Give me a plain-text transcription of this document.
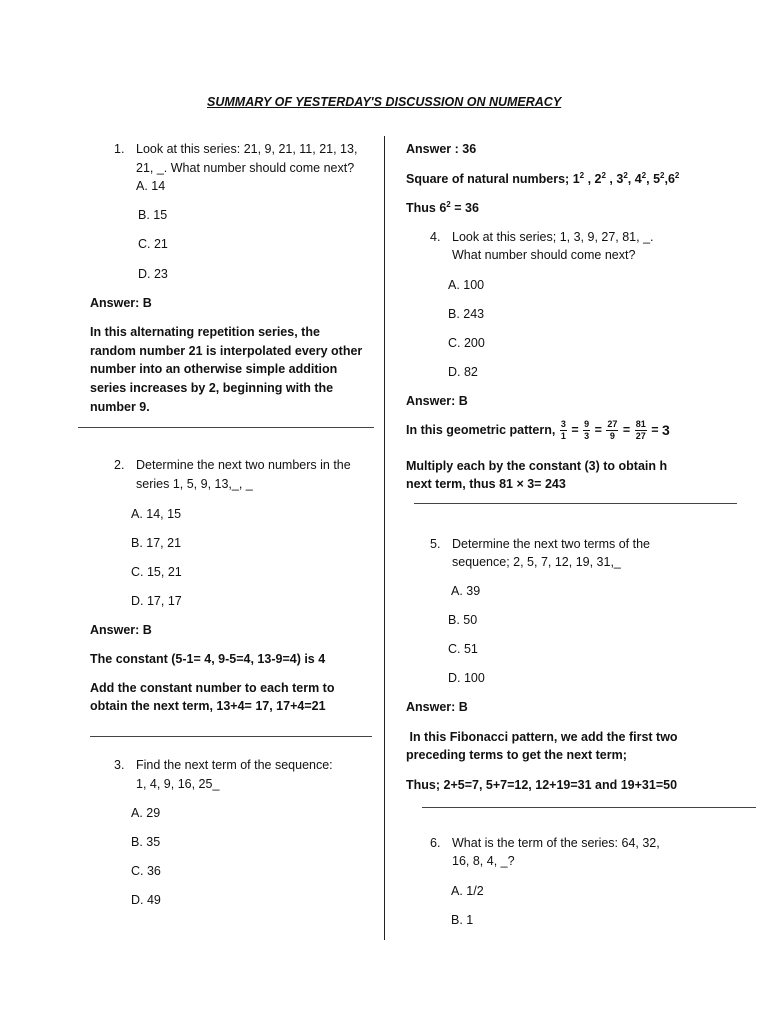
SUMMARY OF YESTERDAY'S DISCUSSION ON NUMERACY
1. Look at this series: 21, 9, 21, 11, 21, 13,
21, _. What number should come next?
A. 14
B. 15
C. 21
D. 23
Answer: B
In this alternating repetition series, the
random number 21 is interpolated every other
number into an otherwise simple addition
series increases by 2, beginning with the
number 9.
2. Determine the next two numbers in the
series 1, 5, 9, 13,_, _
A. 14, 15
B. 17, 21
C. 15, 21
D. 17, 17
Answer: B
The constant (5-1= 4, 9-5=4, 13-9=4) is 4
Add the constant number to each term to
obtain the next term, 13+4= 17, 17+4=21
3. Find the next term of the sequence:
1, 4, 9, 16, 25_
A. 29
B. 35
C. 36
D. 49
Answer : 36
Square of natural numbers; $1^2$ , $2^2$ , $3^2$, $4^2$, $5^2,6^2$
Thus $6^2 = 36$
4. Look at this series; 1, 3, 9, 27, 81, _.
What number should come next?
A. 100
B. 243
C. 200
D. 82
Answer: B
In this geometric pattern, $\frac{3}{1} = \frac{9}{3} = \frac{27}{9} = \frac{81}{27} = 3$
Multiply each by the constant (3) to obtain h
next term, thus 81 × 3= 243
5. Determine the next two terms of the
sequence; 2, 5, 7, 12, 19, 31,_
A. 39
B. 50
C. 51
D. 100
Answer: B
In this Fibonacci pattern, we add the first two
preceding terms to get the next term;
Thus; 2+5=7, 5+7=12, 12+19=31 and 19+31=50
6. What is the term of the series: 64, 32,
16, 8, 4, _?
A. 1/2
B. 1
